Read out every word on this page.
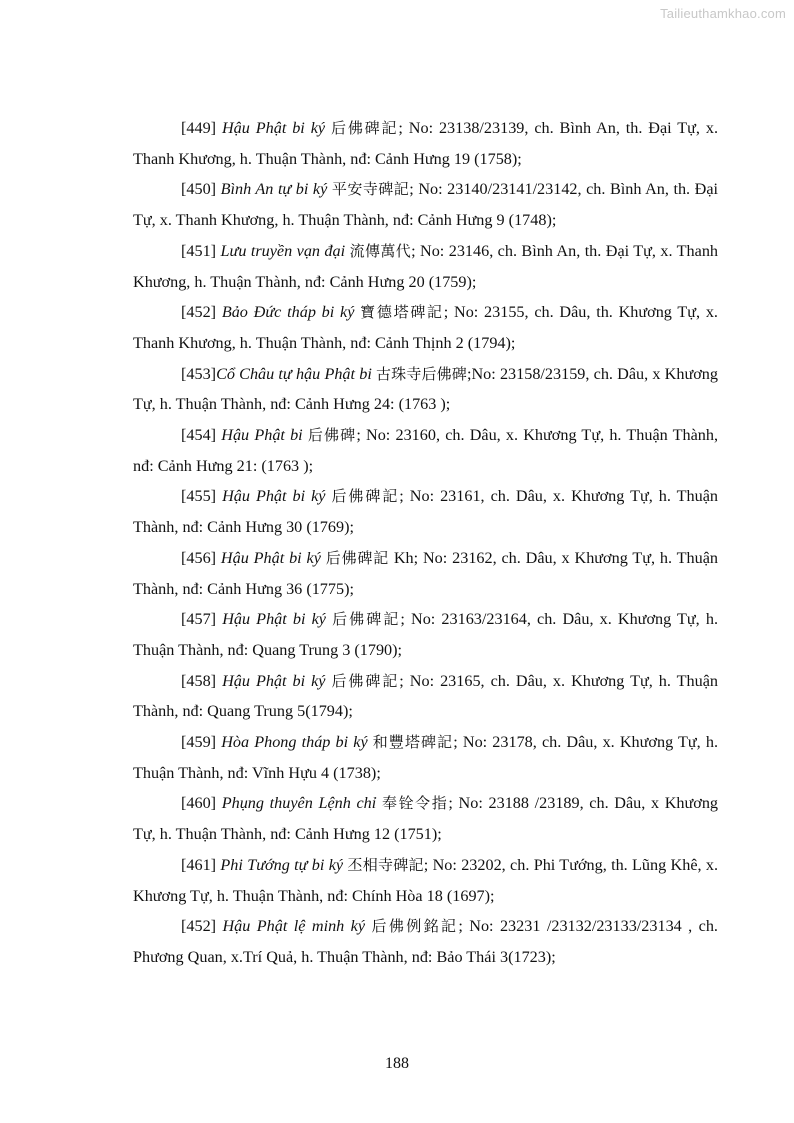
Tailieuthamkhao.com

[449] Hậu Phật bi ký 后佛碑記; No: 23138/23139, ch. Bình An, th. Đại Tự, x. Thanh Khương, h. Thuận Thành, nđ: Cảnh Hưng 19 (1758);

[450] Bình An tự bi ký 平安寺碑記; No: 23140/23141/23142, ch. Bình An, th. Đại Tự, x. Thanh Khương, h. Thuận Thành, nđ: Cảnh Hưng 9 (1748);

[451] Lưu truyền vạn đại 流傳萬代; No: 23146, ch. Bình An, th. Đại Tự, x. Thanh Khương, h. Thuận Thành, nđ: Cảnh Hưng 20 (1759);

[452] Bảo Đức tháp bi ký 寶德塔碑記; No: 23155, ch. Dâu, th. Khương Tự, x. Thanh Khương, h. Thuận Thành, nđ: Cảnh Thịnh 2 (1794);

[453]Cổ Châu tự hậu Phật bi 古珠寺后佛碑;No: 23158/23159, ch. Dâu, x Khương Tự, h. Thuận Thành, nđ: Cảnh Hưng 24: (1763 );

[454] Hậu Phật bi 后佛碑; No: 23160, ch. Dâu, x. Khương Tự, h. Thuận Thành, nđ: Cảnh Hưng 21: (1763 );

[455] Hậu Phật bi ký 后佛碑記; No: 23161, ch. Dâu, x. Khương Tự, h. Thuận Thành, nđ: Cảnh Hưng 30 (1769);

[456] Hậu Phật bi ký 后佛碑記 Kh; No: 23162, ch. Dâu, x Khương Tự, h. Thuận Thành, nđ: Cảnh Hưng 36 (1775);

[457] Hậu Phật bi ký 后佛碑記; No: 23163/23164, ch. Dâu, x. Khương Tự, h. Thuận Thành, nđ: Quang Trung 3 (1790);

[458] Hậu Phật bi ký 后佛碑記; No: 23165, ch. Dâu, x. Khương Tự, h. Thuận Thành, nđ: Quang Trung 5(1794);

[459] Hòa Phong tháp bi ký 和豐塔碑記; No: 23178, ch. Dâu, x. Khương Tự, h. Thuận Thành, nđ: Vĩnh Hựu 4 (1738);

[460] Phụng thuyên Lệnh chỉ 奉铨令指; No: 23188 /23189, ch. Dâu, x Khương Tự, h. Thuận Thành, nđ: Cảnh Hưng 12 (1751);

[461] Phi Tướng tự bi ký 丕相寺碑記; No: 23202, ch. Phi Tướng, th. Lũng Khê, x. Khương Tự, h. Thuận Thành, nđ: Chính Hòa 18 (1697);

[452] Hậu Phật lệ minh ký 后佛例銘記; No: 23231 /23132/23133/23134 , ch. Phương Quan, x.Trí Quả, h. Thuận Thành, nđ: Bảo Thái 3(1723);

188
